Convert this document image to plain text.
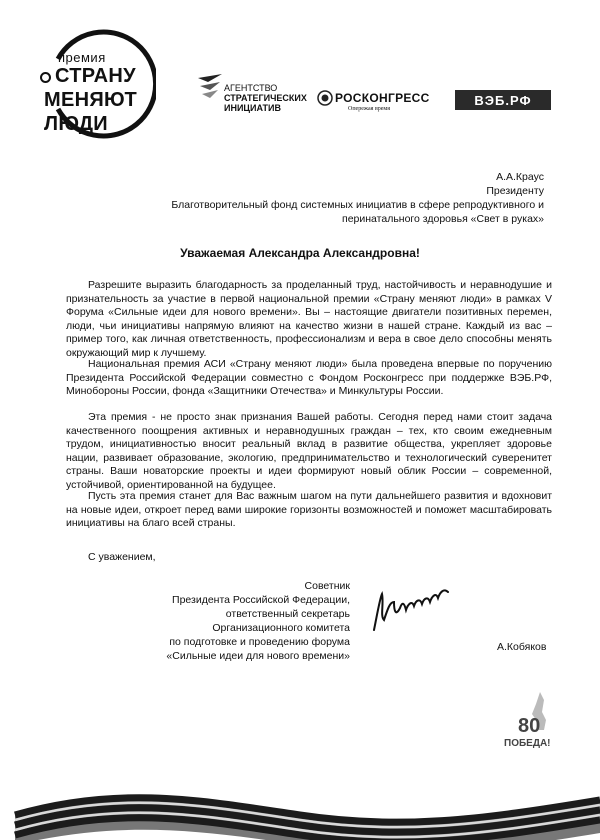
премия
СТРАНУ
МЕНЯЮТ
ЛЮДИ
АГЕНТСТВО
СТРАТЕГИЧЕСКИХ
ИНИЦИАТИВ
РОСКОНГРЕСС
Опережая время
ВЭБ.РФ
А.А.Краус
Президенту
Благотворительный фонд системных инициатив в сфере репродуктивного и
перинатального здоровья «Свет в руках»
Уважаемая Александра Александровна!
Разрешите выразить благодарность за проделанный труд, настойчивость и неравнодушие и признательность за участие в первой национальной премии «Страну меняют люди» в рамках V Форума «Сильные идеи для нового времени». Вы – настоящие двигатели позитивных перемен, люди, чьи инициативы напрямую влияют на качество жизни в нашей стране. Каждый из вас – пример того, как личная ответственность, профессионализм и вера в свое дело способны менять окружающий мир к лучшему.
Национальная премия АСИ «Страну меняют люди» была проведена впервые по поручению Президента Российской Федерации совместно с Фондом Росконгресс при поддержке ВЭБ.РФ, Минобороны России, фонда «Защитники Отечества» и Минкультуры России.
Эта премия - не просто знак признания Вашей работы. Сегодня перед нами стоит задача качественного поощрения активных и неравнодушных граждан – тех, кто своим ежедневным трудом, инициативностью вносит реальный вклад в развитие общества, укрепляет здоровье нации, развивает образование, экологию, предпринимательство и технологический суверенитет страны. Ваши новаторские проекты и идеи формируют новый облик России – современной, устойчивой, ориентированной на будущее.
Пусть эта премия станет для Вас важным шагом на пути дальнейшего развития и вдохновит на новые идеи, откроет перед вами широкие горизонты возможностей и поможет масштабировать инициативы на благо всей страны.
С уважением,
Советник
Президента Российской Федерации,
ответственный секретарь
Организационного комитета
по подготовке и проведению форума
«Сильные идеи для нового времени»
А.Кобяков
80
ПОБЕДА!
